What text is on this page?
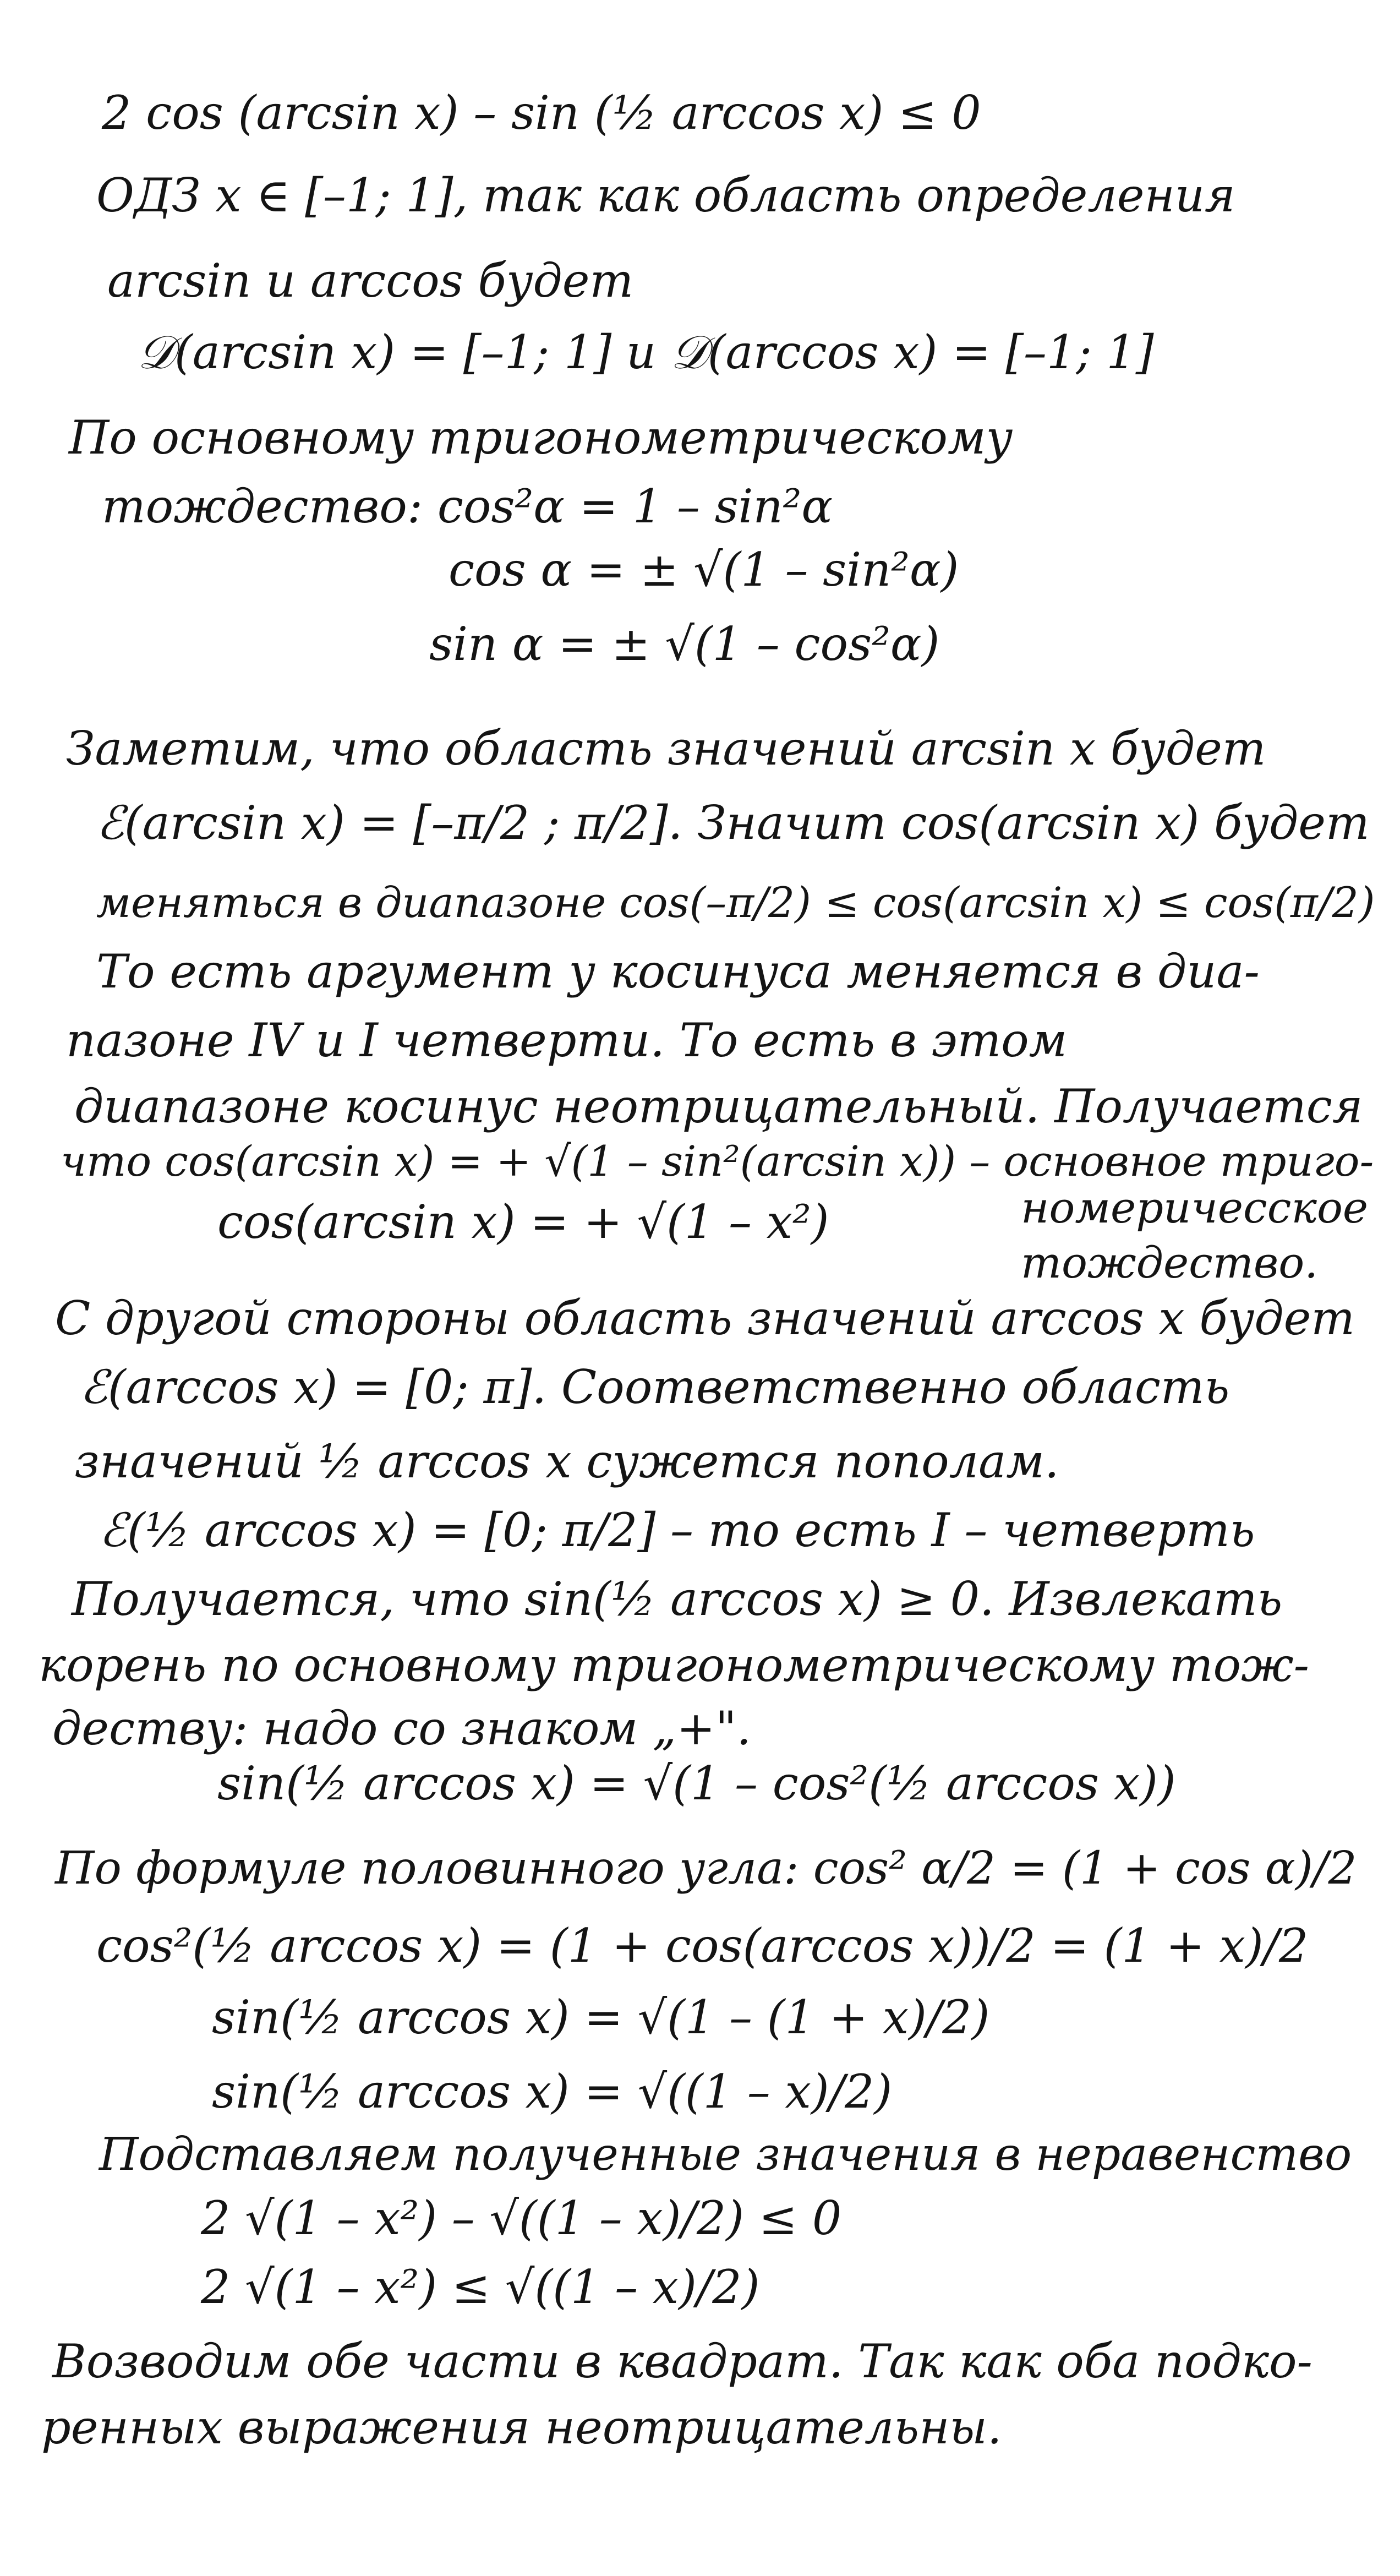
2 cos (arcsin x) – sin (½ arccos x) ≤ 0
ОДЗ x ∈ [–1; 1], так как область определения
arcsin и arccos будет
𝒟(arcsin x) = [–1; 1] и 𝒟(arccos x) = [–1; 1]
По основному тригонометрическому
тождество: cos²α = 1 – sin²α
cos α = ± √(1 – sin²α)
sin α = ± √(1 – cos²α)
Заметим, что область значений arcsin x будет
ℰ(arcsin x) = [–π/2 ; π/2]. Значит cos(arcsin x) будет
меняться в диапазоне cos(–π/2) ≤ cos(arcsin x) ≤ cos(π/2)
То есть аргумент у косинуса меняется в диа-
пазоне IV и I четверти. То есть в этом
диапазоне косинус неотрицательный. Получается
что cos(arcsin x) = + √(1 – sin²(arcsin x)) – основное триго-
номеричесское
cos(arcsin x) = + √(1 – x²)
тождество.
С другой стороны область значений arccos x будет
ℰ(arccos x) = [0; π]. Соответственно область
значений ½ arccos x сужется пополам.
ℰ(½ arccos x) = [0; π/2] – то есть I – четверть
Получается, что sin(½ arccos x) ≥ 0. Извлекать
корень по основному тригонометрическому тож-
деству: надо со знаком „+".
sin(½ arccos x) = √(1 – cos²(½ arccos x))
По формуле половинного угла: cos² α/2 = (1 + cos α)/2
cos²(½ arccos x) = (1 + cos(arccos x))/2 = (1 + x)/2
sin(½ arccos x) = √(1 – (1 + x)/2)
sin(½ arccos x) = √((1 – x)/2)
Подставляем полученные значения в неравенство
2 √(1 – x²) – √((1 – x)/2) ≤ 0
2 √(1 – x²) ≤ √((1 – x)/2)
Возводим обе части в квадрат. Так как оба подко-
ренных выражения неотрицательны.
